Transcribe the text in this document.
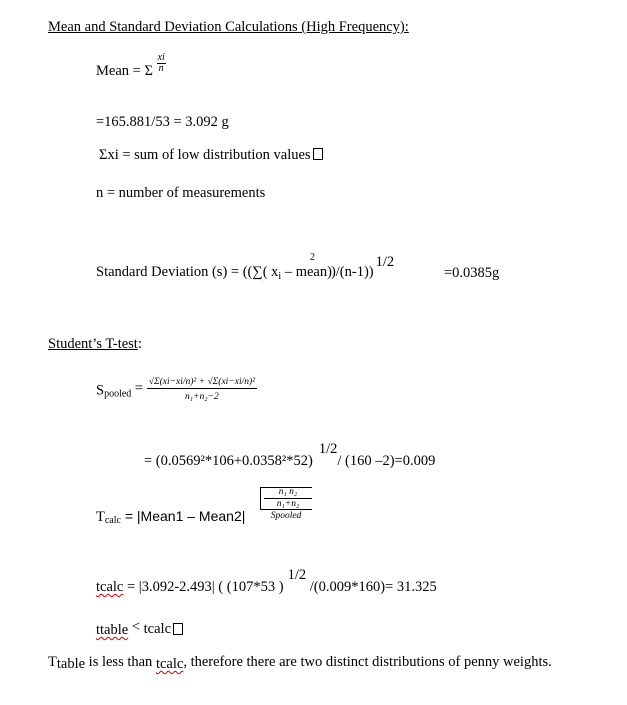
Mean and Standard Deviation Calculations (High Frequency):
Mean = Σ $\frac{xi}{n}$
=165.881/53 = 3.092 g
Σxi = sum of low distribution values
n = number of measurements
Standard Deviation (s) = ((∑( $x_i$ – mean)$^2$)/(n-1))1/2
=0.0385g
Student’s T-test:
$S_{pooled} = \frac{\text{√Σ(xi−xi/n)² + √Σ(xi−xi/n)²}}{\text{n₁+n₂−2}}$
= (0.0569²*106+0.0358²*52)1/2/ (160 –2)=0.009
Tcalc = |Mean1 – Mean2|
n₁ n₂
n₁+n₂
Spooled
tcalc = |3.092-2.493| ( (107*53 )1/2 /(0.009*160)= 31.325
ttable < tcalc
Ttable is less than tcalc, therefore there are two distinct distributions of penny weights.
